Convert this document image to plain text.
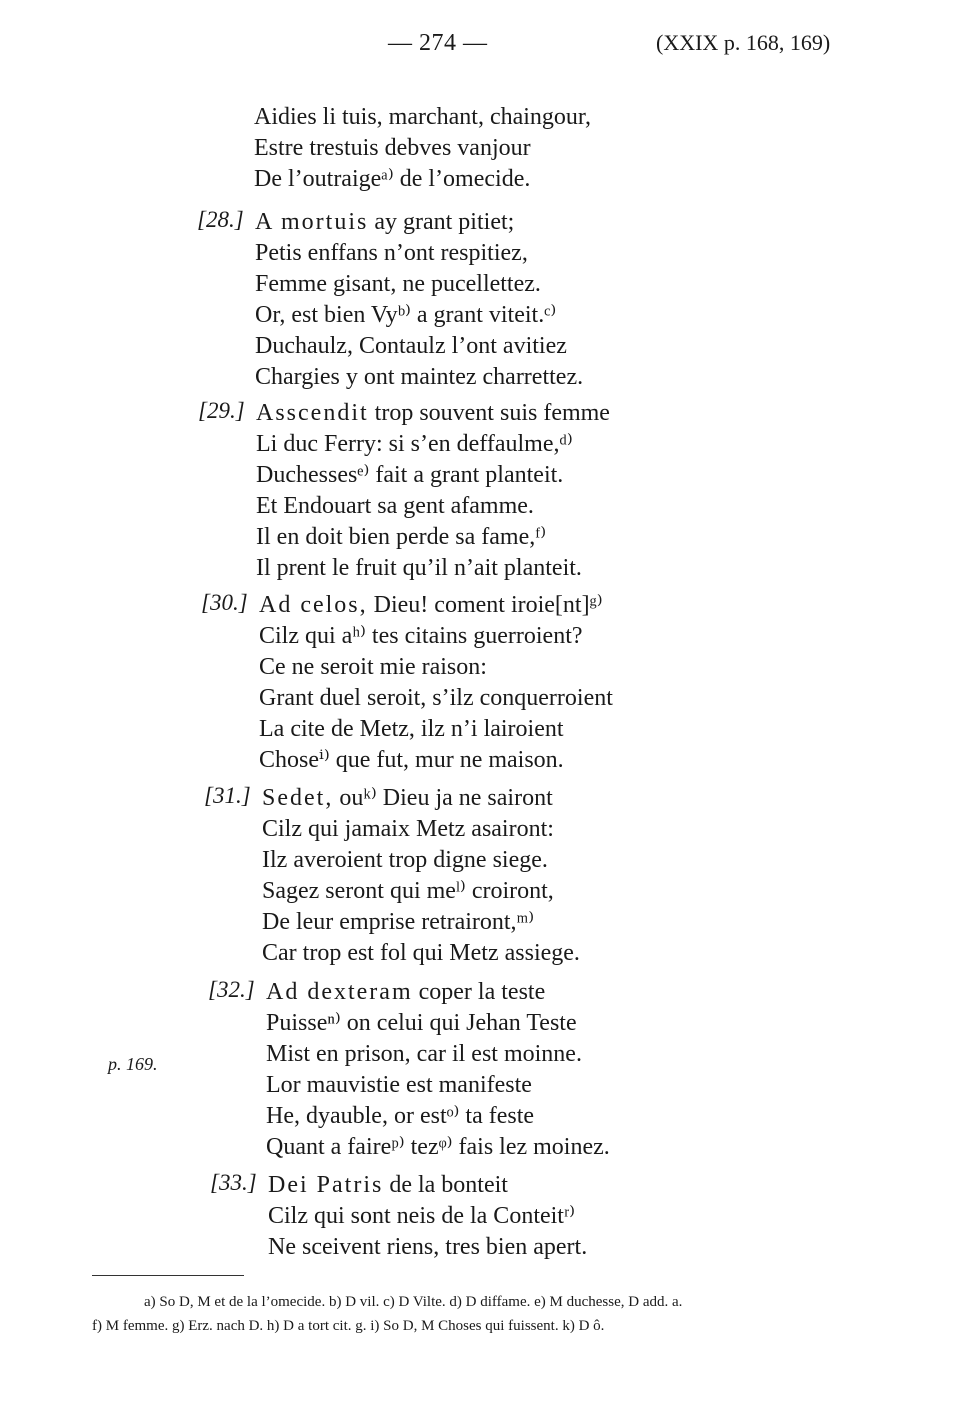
— 274 —	(XXIX p. 168, 169)
Aidies li tuis, marchant, chaingour,
Estre trestuis debves vanjour
De l’outraigeᵃ⁾ de l’omecide.
[28.] A mortuis ay grant pitiet;
Petis enffans n’ont respitiez,
Femme gisant, ne pucellettez.
Or, est bien Vyᵇ⁾ a grant viteit.ᶜ⁾
Duchaulz, Contaulz l’ont avitiez
Chargies y ont maintez charrettez.
[29.] Asscendit trop souvent suis femme
Li duc Ferry: si s’en deffaulme,ᵈ⁾
Duchessesᵉ⁾ fait a grant planteit.
Et Endouart sa gent afamme.
Il en doit bien perde sa fame,ᶠ⁾
Il prent le fruit qu’il n’ait planteit.
[30.] Ad celos, Dieu! coment iroie[nt]ᵍ⁾
Cilz qui aʰ⁾ tes citains guerroient?
Ce ne seroit mie raison:
Grant duel seroit, s’ilz conquerroient
La cite de Metz, ilz n’i lairoient
Choseⁱ⁾ que fut, mur ne maison.
[31.] Sedet, ouᵏ⁾ Dieu ja ne sairont
Cilz qui jamaix Metz asairont:
Ilz averoient trop digne siege.
Sagez seront qui meˡ⁾ croiront,
De leur emprise retrairont,ᵐ⁾
Car trop est fol qui Metz assiege.
[32.] Ad dexteram coper la teste
Puisseⁿ⁾ on celui qui Jehan Teste
Mist en prison, car il est moinne.
Lor mauvistie est manifeste
He, dyauble, or estᵒ⁾ ta feste
Quant a faireᵖ⁾ tezᵠ⁾ fais lez moinez.
[33.] Dei Patris de la bonteit
Cilz qui sont neis de la Conteitʳ⁾
Ne sceivent riens, tres bien apert.
p. 169.
a) So D, M et de la l’omecide. b) D vil. c) D Vilte. d) D diffame. e) M duchesse, D add. a.
f) M femme. g) Erz. nach D. h) D a tort cit. g. i) So D, M Choses qui fuissent. k) D ô.
